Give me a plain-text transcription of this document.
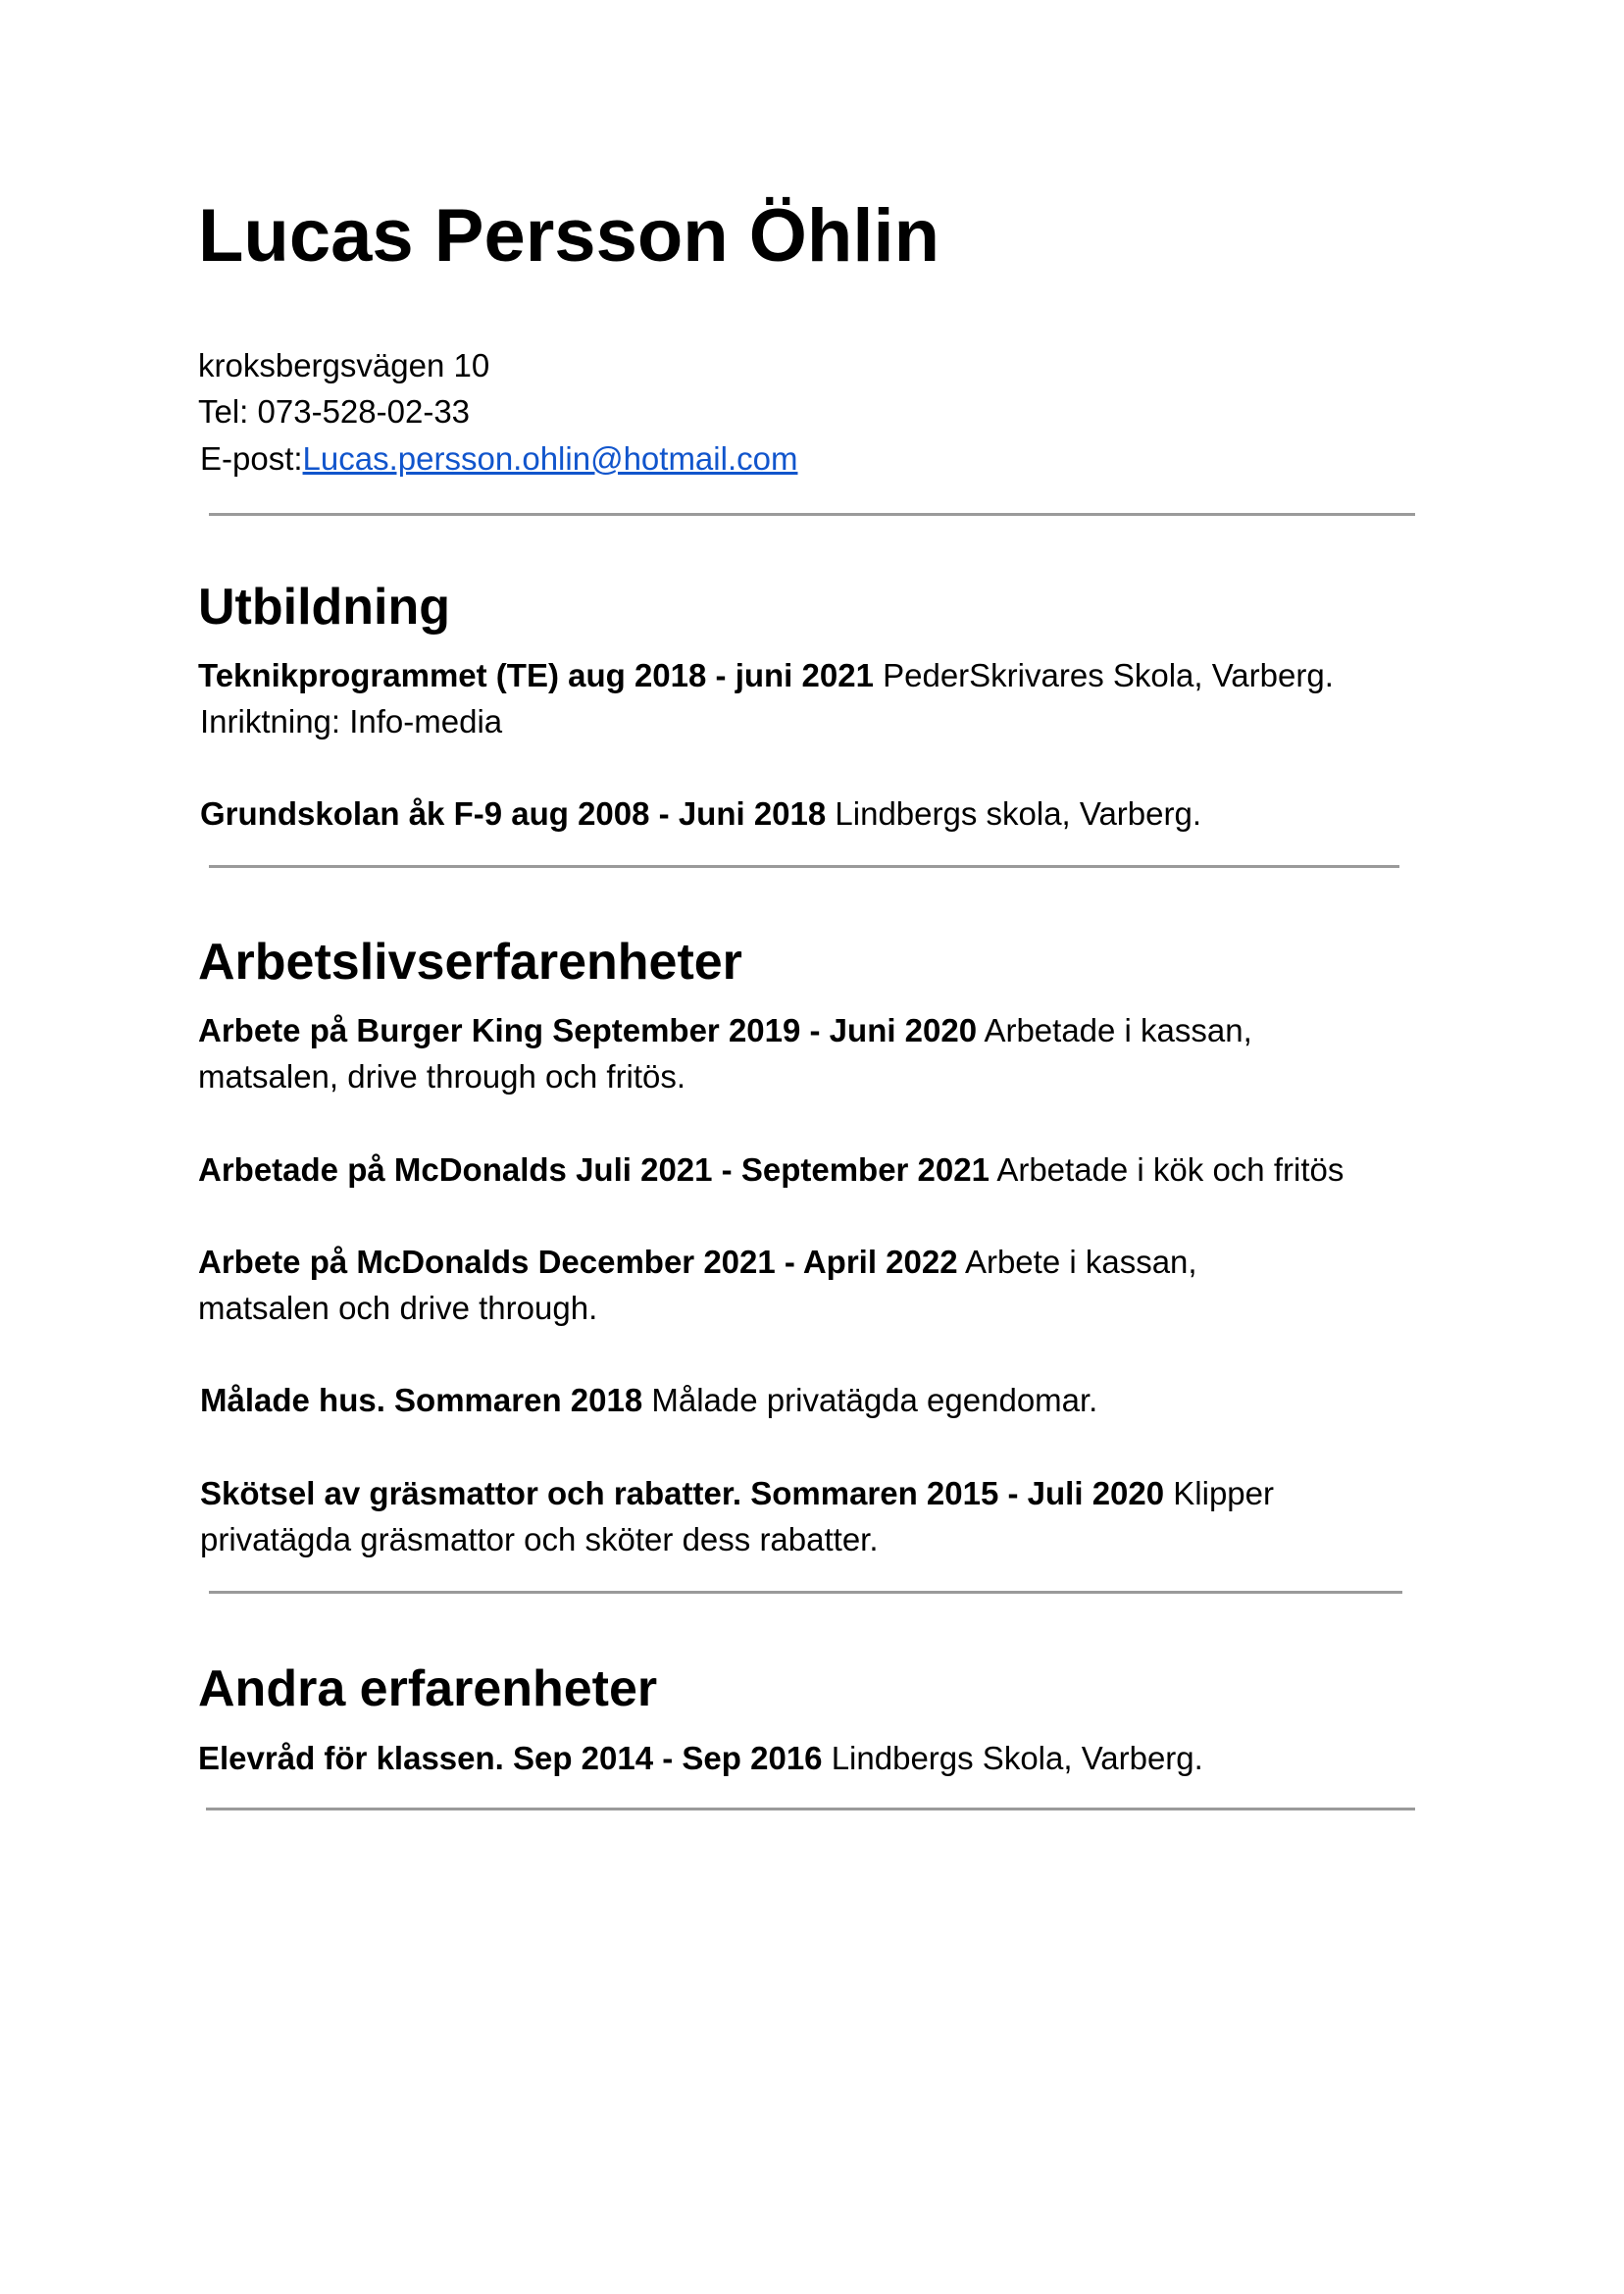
Lucas Persson Öhlin
kroksbergsvägen 10
Tel: 073-528-02-33
E-post:Lucas.persson.ohlin@hotmail.com
Utbildning
Teknikprogrammet (TE) aug 2018 - juni 2021 PederSkrivares Skola, Varberg.
Inriktning: Info-media
Grundskolan åk F-9 aug 2008 - Juni 2018 Lindbergs skola, Varberg.
Arbetslivserfarenheter
Arbete på Burger King September 2019 - Juni 2020 Arbetade i kassan,
matsalen, drive through och fritös.
Arbetade på McDonalds Juli 2021 - September 2021 Arbetade i kök och fritös
Arbete på McDonalds December 2021 - April 2022 Arbete i kassan,
matsalen och drive through.
Målade hus. Sommaren 2018 Målade privatägda egendomar.
Skötsel av gräsmattor och rabatter. Sommaren 2015 - Juli 2020 Klipper
privatägda gräsmattor och sköter dess rabatter.
Andra erfarenheter
Elevråd för klassen. Sep 2014 - Sep 2016 Lindbergs Skola, Varberg.
